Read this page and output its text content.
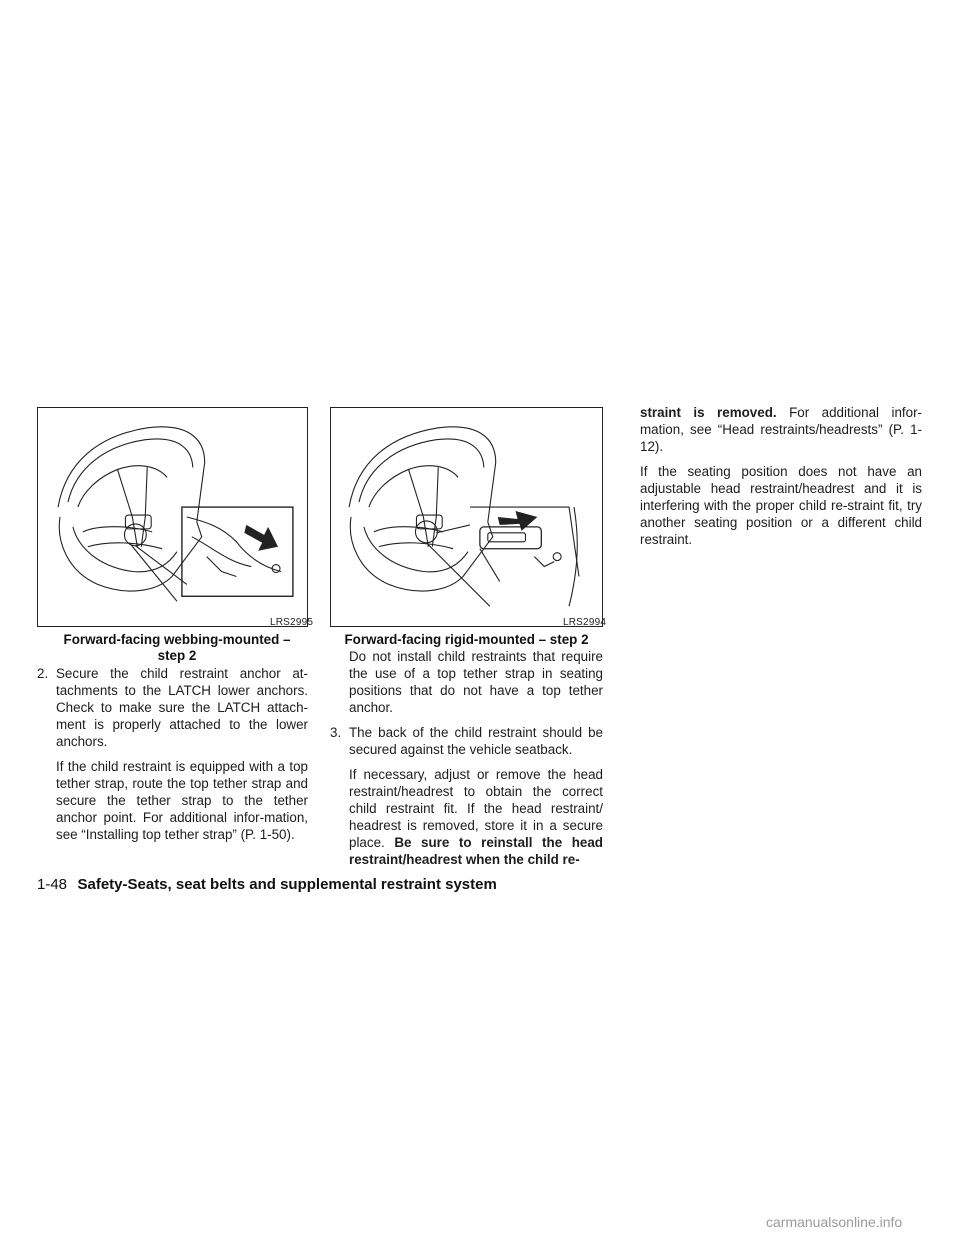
LRS2995
Forward-facing webbing-mounted –
step 2
LRS2994
Forward-facing rigid-mounted – step 2
2. Secure the child restraint anchor at-tachments to the LATCH lower anchors. Check to make sure the LATCH attach-ment is properly attached to the lower anchors.

If the child restraint is equipped with a top tether strap, route the top tether strap and secure the tether strap to the tether anchor point. For additional infor-mation, see “Installing top tether strap” (P. 1-50).

Do not install child restraints that require the use of a top tether strap in seating positions that do not have a top tether anchor.

3. The back of the child restraint should be secured against the vehicle seatback.

If necessary, adjust or remove the head restraint/headrest to obtain the correct child restraint fit. If the head restraint/ headrest is removed, store it in a secure place. Be sure to reinstall the head restraint/headrest when the child re-

straint is removed. For additional infor-mation, see “Head restraints/headrests” (P. 1-12).

If the seating position does not have an adjustable head restraint/headrest and it is interfering with the proper child re-straint fit, try another seating position or a different child restraint.

1-48 Safety-Seats, seat belts and supplemental restraint system
carmanualsonline.info
